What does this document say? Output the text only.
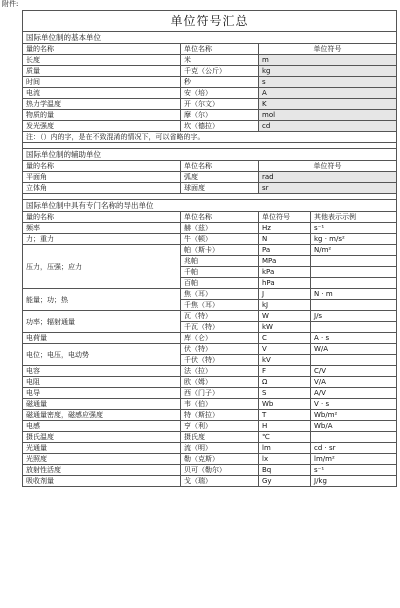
附件:
单位符号汇总			
国际单位制的基本单位			
量的名称	单位名称	单位符号	
长度	米	m	
质量	千克（公斤）	kg	
时间	秒	s	
电流	安（培）	A	
热力学温度	开（尔文）	K	
物质的量	摩（尔）	mol	
发光强度	坎（德拉）	cd	
注：（）内的字，是在不致混淆的情况下，可以省略的字。			

国际单位制的辅助单位			
量的名称	单位名称	单位符号	
平面角	弧度	rad	
立体角	球面度	sr	

国际单位制中具有专门名称的导出单位			
量的名称	单位名称	单位符号	其他表示示例
频率	赫（兹）	Hz	s⁻¹
力；重力	牛（顿）	N	kg · m/s²
压力，压强；应力	帕（斯卡）	Pa	N/m²
	兆帕	MPa	
	千帕	kPa	
	百帕	hPa	
能量；功；热	焦（耳）	J	N · m
	千焦（耳）	kJ	
功率；辐射通量	瓦（特）	W	J/s
	千瓦（特）	kW	
电荷量	库（仑）	C	A · s
电位；电压，电动势	伏（特）	V	W/A
	千伏（特）	kV	
电容	法（拉）	F	C/V
电阻	欧（姆）	Ω	V/A
电导	西（门子）	S	A/V
磁通量	韦（伯）	Wb	V · s
磁通量密度，磁感应强度	特（斯拉）	T	Wb/m²
电感	亨（利）	H	Wb/A
摄氏温度	摄氏度	℃	
光通量	流（明）	lm	cd · sr
光照度	勒（克斯）	lx	lm/m²
放射性活度	贝可（勒尔）	Bq	s⁻¹
吸收剂量	戈（瑞）	Gy	J/kg
